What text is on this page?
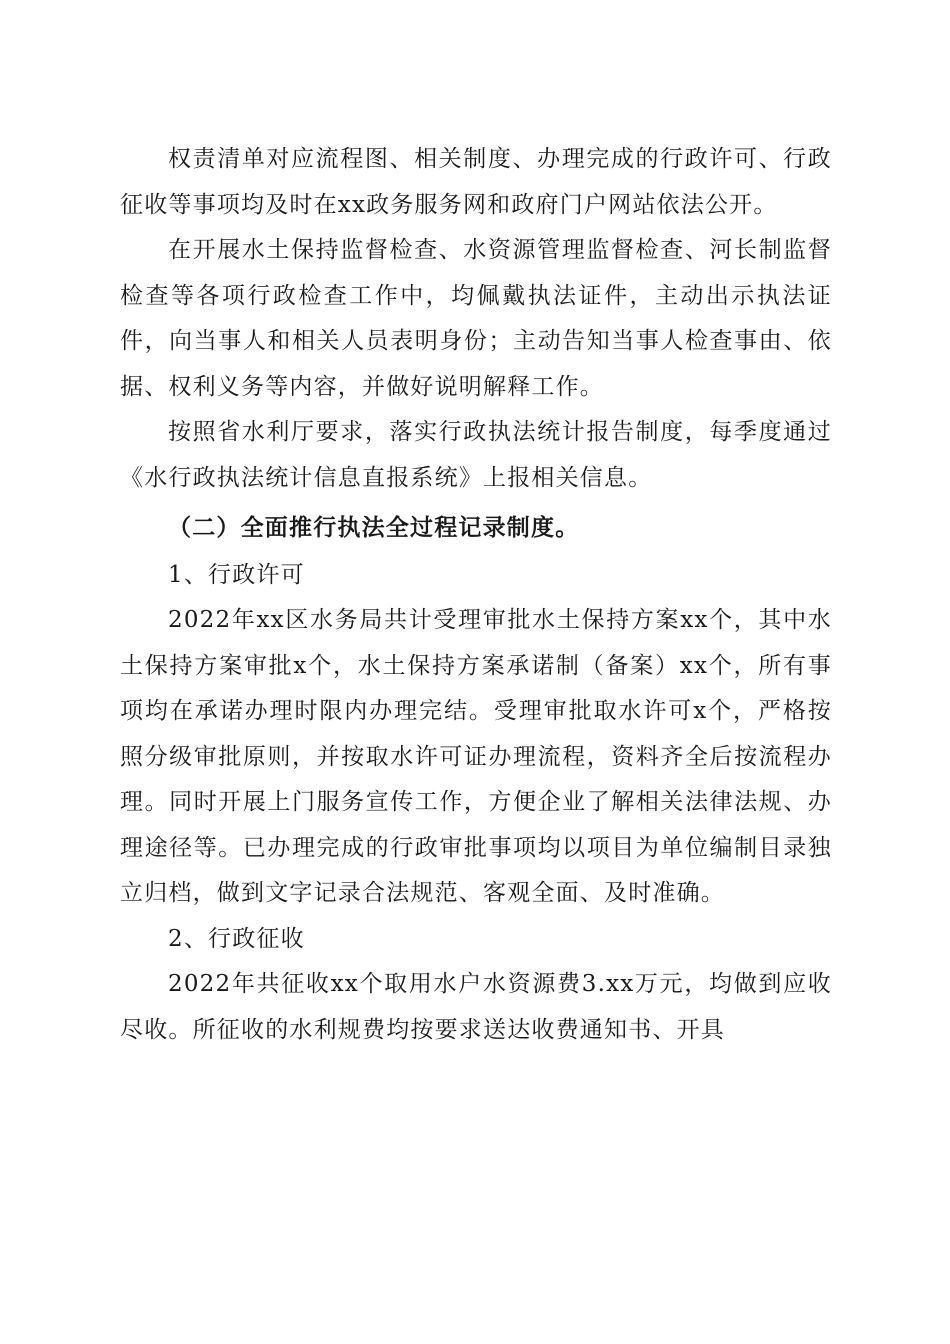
权责清单对应流程图、相关制度、办理完成的行政许可、行政征收等事项均及时在xx政务服务网和政府门户网站依法公开。

在开展水土保持监督检查、水资源管理监督检查、河长制监督检查等各项行政检查工作中，均佩戴执法证件，主动出示执法证件，向当事人和相关人员表明身份；主动告知当事人检查事由、依据、权利义务等内容，并做好说明解释工作。

按照省水利厅要求，落实行政执法统计报告制度，每季度通过《水行政执法统计信息直报系统》上报相关信息。

（二）全面推行执法全过程记录制度。

1、行政许可

2022年xx区水务局共计受理审批水土保持方案xx个，其中水土保持方案审批x个，水土保持方案承诺制（备案）xx个，所有事项均在承诺办理时限内办理完结。受理审批取水许可x个，严格按照分级审批原则，并按取水许可证办理流程，资料齐全后按流程办理。同时开展上门服务宣传工作，方便企业了解相关法律法规、办理途径等。已办理完成的行政审批事项均以项目为单位编制目录独立归档，做到文字记录合法规范、客观全面、及时准确。

2、行政征收

2022年共征收xx个取用水户水资源费3.xx万元，均做到应收尽收。所征收的水利规费均按要求送达收费通知书、开具
